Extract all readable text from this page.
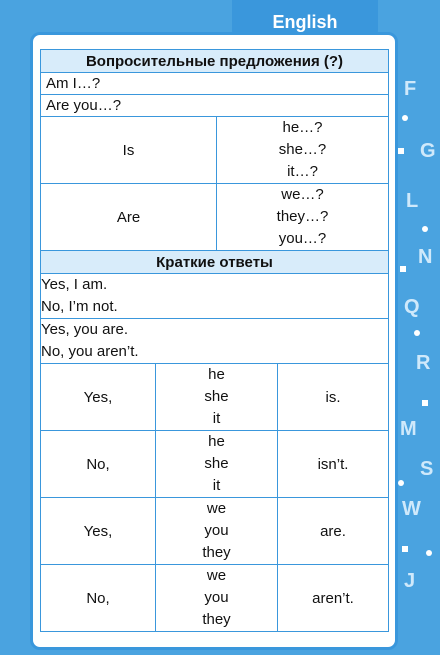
English
F
G
L
N
Q
R
M
S
W
J
Вопросительные предложения (?)			
Am I…?			
Are you…?			
Is		he…?
she…?
it…?	

Are		we…?
they…?
you…?	

Краткие ответы			

Yes, I am.
No, I’m not.			

Yes, you are.
No, you aren’t.			

Yes,	he
she
it		is.
No,	he
she
it		isn’t.
Yes,	we
you
they		are.
No,	we
you
they		aren’t.
